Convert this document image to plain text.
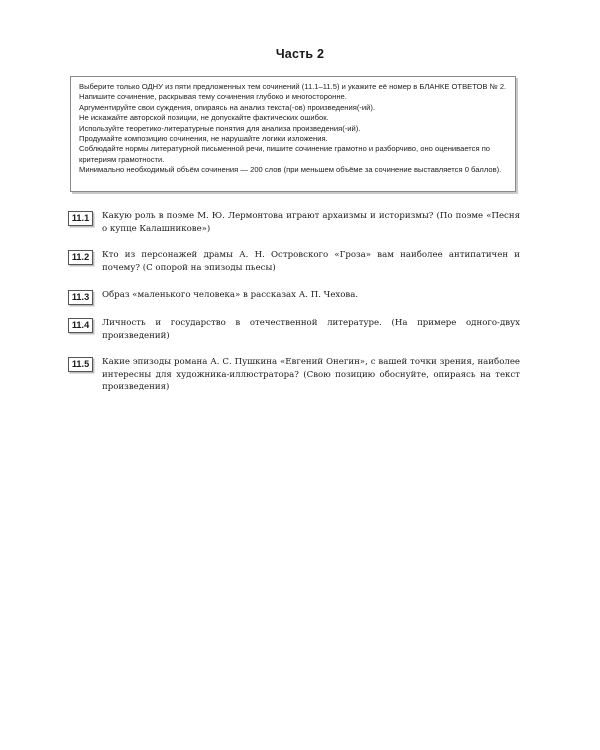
Часть 2

Выберите только ОДНУ из пяти предложенных тем сочинений (11.1–11.5) и укажите её номер в БЛАНКЕ ОТВЕТОВ № 2.

Напишите сочинение, раскрывая тему сочинения глубоко и многосторонне.

Аргументируйте свои суждения, опираясь на анализ текста(-ов) произведения(-ий).

Не искажайте авторской позиции, не допускайте фактических ошибок.

Используйте теоретико-литературные понятия для анализа произведения(-ий).

Продумайте композицию сочинения, не нарушайте логики изложения.

Соблюдайте нормы литературной письменной речи, пишите сочинение грамотно и разборчиво, оно оценивается по критериям грамотности.

Минимально необходимый объём сочинения — 200 слов (при меньшем объёме за сочинение выставляется 0 баллов).

11.1	Какую роль в поэме М. Ю. Лермонтова играют архаизмы и историзмы? (По поэме «Песня о купце Калашникове»)
11.2	Кто из персонажей драмы А. Н. Островского «Гроза» вам наиболее антипатичен и почему? (С опорой на эпизоды пьесы)
11.3	Образ «маленького человека» в рассказах А. П. Чехова.
11.4	Личность и государство в отечественной литературе. (На примере одного-двух произведений)
11.5	Какие эпизоды романа А. С. Пушкина «Евгений Онегин», с вашей точки зрения, наиболее интересны для художника-иллюстратора? (Свою позицию обоснуйте, опираясь на текст произведения)
